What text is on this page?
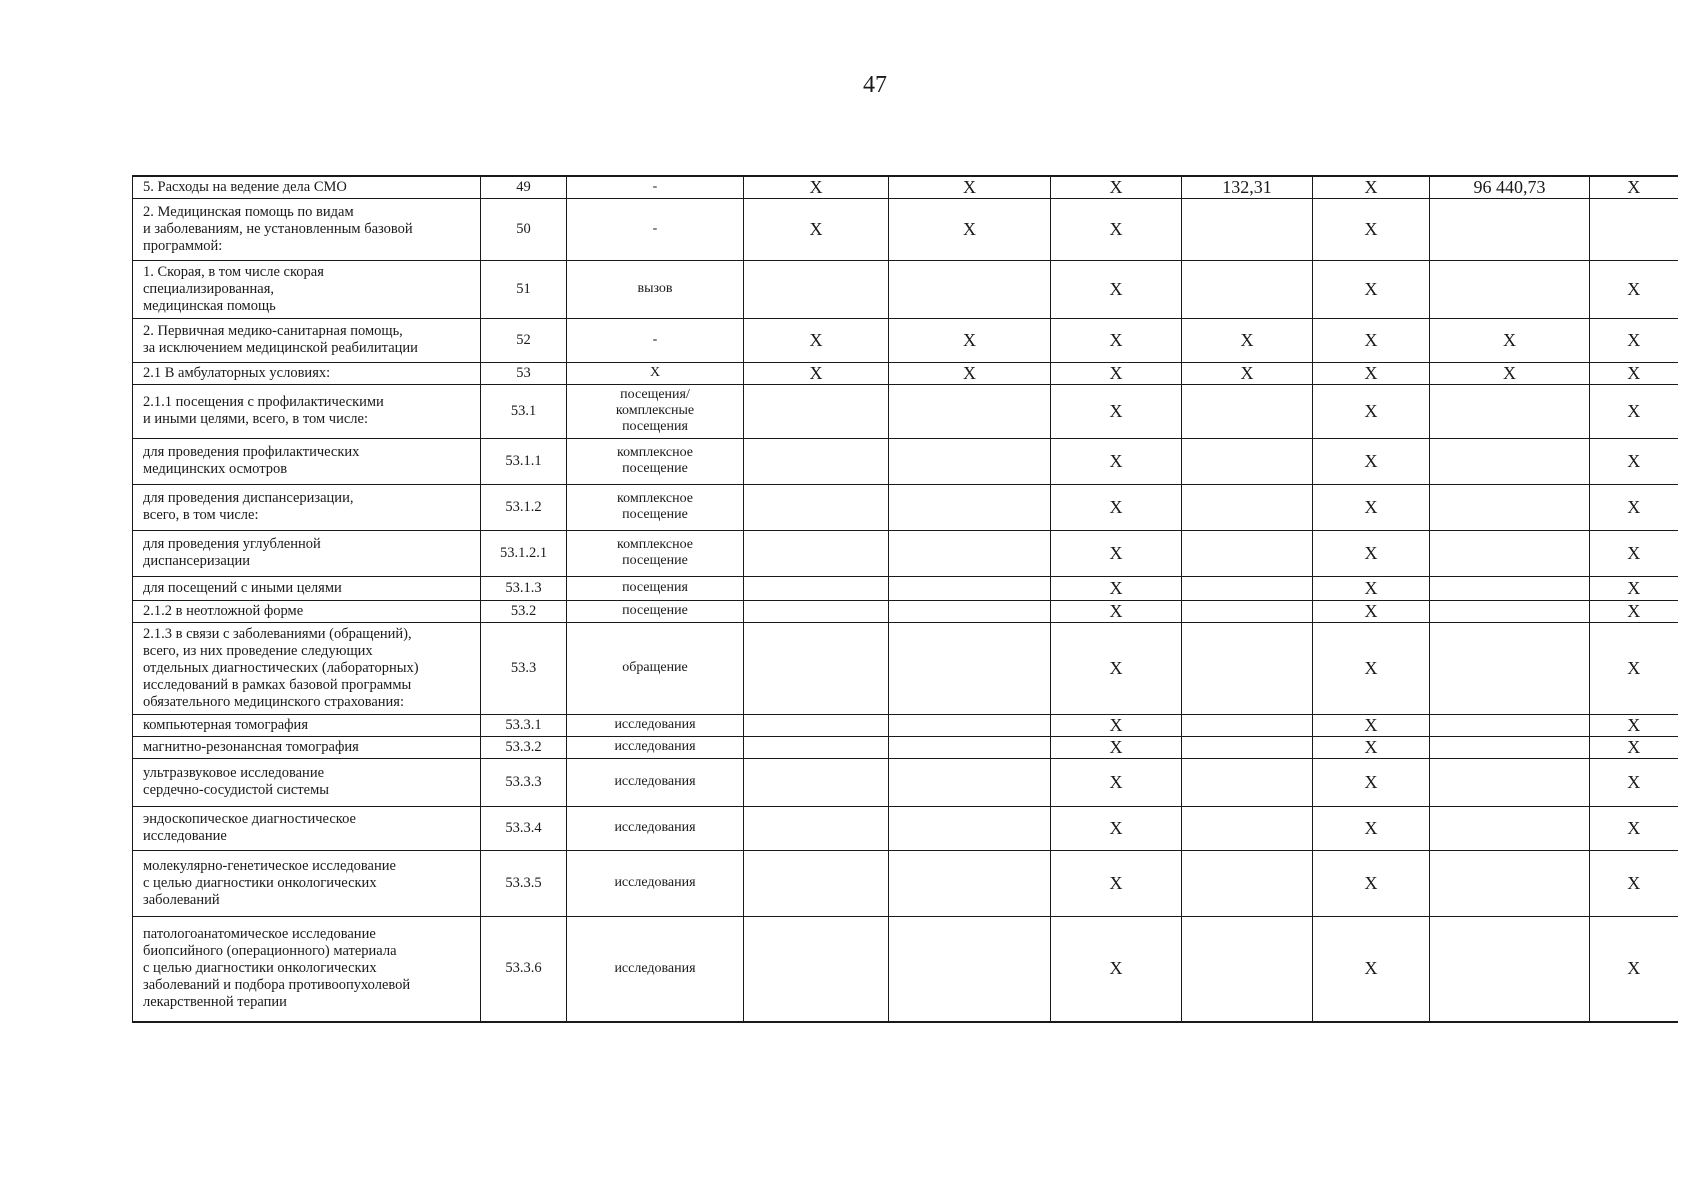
47
5. Расходы на ведение дела СМО	49	-	X	X	X	132,31	X	96 440,73	X
2. Медицинская помощь по видам
и заболеваниям, не установленным базовой
программой:	50	-	X	X	X		X		
1. Скорая, в том числе скорая
специализированная,
медицинская помощь	51	вызов			X		X		X
2. Первичная медико-санитарная помощь,
за исключением медицинской реабилитации	52	-	X	X	X	X	X	X	X
2.1 В амбулаторных условиях:	53	X	X	X	X	X	X	X	X
2.1.1 посещения с профилактическими
и иными целями, всего, в том числе:	53.1	посещения/
комплексные
посещения			X		X		X
для проведения профилактических
медицинских осмотров	53.1.1	комплексное
посещение			X		X		X
для проведения диспансеризации,
всего, в том числе:	53.1.2	комплексное
посещение			X		X		X
для проведения углубленной
диспансеризации	53.1.2.1	комплексное
посещение			X		X		X
для посещений с иными целями	53.1.3	посещения			X		X		X
2.1.2 в неотложной форме	53.2	посещение			X		X		X
2.1.3 в связи с заболеваниями (обращений),
всего, из них проведение следующих
отдельных диагностических (лабораторных)
исследований в рамках базовой программы
обязательного медицинского страхования:	53.3	обращение			X		X		X
компьютерная томография	53.3.1	исследования			X		X		X
магнитно-резонансная томография	53.3.2	исследования			X		X		X
ультразвуковое исследование
сердечно-сосудистой системы	53.3.3	исследования			X		X		X
эндоскопическое диагностическое
исследование	53.3.4	исследования			X		X		X
молекулярно-генетическое исследование
с целью диагностики онкологических
заболеваний	53.3.5	исследования			X		X		X
патологоанатомическое исследование
биопсийного (операционного) материала
с целью диагностики онкологических
заболеваний и подбора противоопухолевой
лекарственной терапии	53.3.6	исследования			X		X		X
